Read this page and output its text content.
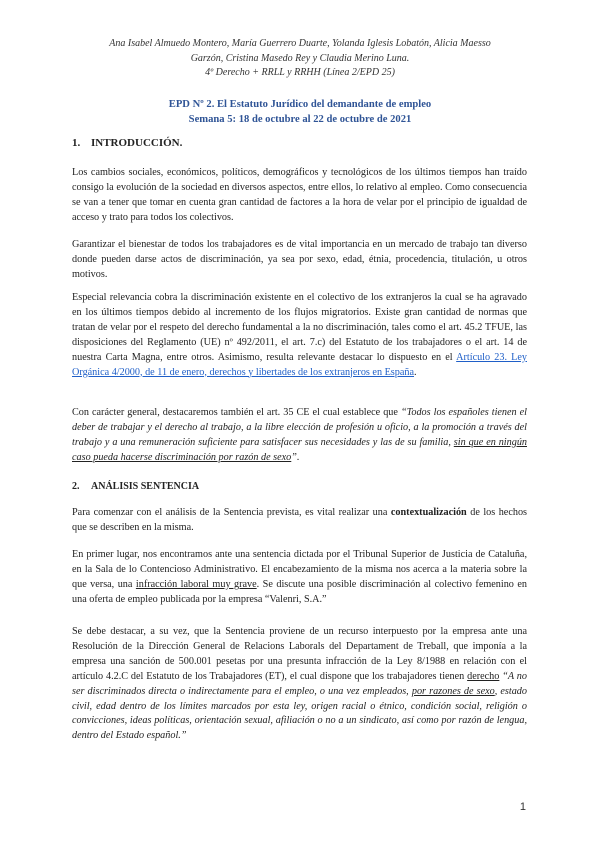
Ana Isabel Almuedo Montero, María Guerrero Duarte, Yolanda Iglesis Lobatón, Alicia Maesso
Garzón, Cristina Masedo Rey y Claudia Merino Luna.
4º Derecho + RRLL y RRHH (Línea 2/EPD 25)
EPD Nº 2. El Estatuto Jurídico del demandante de empleo
Semana 5: 18 de octubre al 22 de octubre de 2021
1. INTRODUCCIÓN.

Los cambios sociales, económicos, políticos, demográficos y tecnológicos de los últimos tiempos han traído consigo la evolución de la sociedad en diversos aspectos, entre ellos, lo relativo al empleo. Como consecuencia se van a tener que tomar en cuenta gran cantidad de factores a la hora de velar por el principio de igualdad de acceso y trato para todos los colectivos.

Garantizar el bienestar de todos los trabajadores es de vital importancia en un mercado de trabajo tan diverso donde pueden darse actos de discriminación, ya sea por sexo, edad, étnia, procedencia, titulación, u otros motivos.

Especial relevancia cobra la discriminación existente en el colectivo de los extranjeros la cual se ha agravado en los últimos tiempos debido al incremento de los flujos migratorios. Existe gran cantidad de normas que tratan de velar por el respeto del derecho fundamental a la no discriminación, tales como el art. 45.2 TFUE, las disposiciones del Reglamento (UE) nº 492/2011, el art. 7.c) del Estatuto de los trabajadores o el art. 14 de nuestra Carta Magna, entre otros. Asimismo, resulta relevante destacar lo dispuesto en el Artículo 23. Ley Orgánica 4/2000, de 11 de enero, derechos y libertades de los extranjeros en España.

Con carácter general, destacaremos también el art. 35 CE el cual establece que “Todos los españoles tienen el deber de trabajar y el derecho al trabajo, a la libre elección de profesión u oficio, a la promoción a través del trabajo y a una remuneración suficiente para satisfacer sus necesidades y las de su familia, sin que en ningún caso pueda hacerse discriminación por razón de sexo”.

2. ANÁLISIS SENTENCIA

Para comenzar con el análisis de la Sentencia prevista, es vital realizar una contextualización de los hechos que se describen en la misma.

En primer lugar, nos encontramos ante una sentencia dictada por el Tribunal Superior de Justicia de Cataluña, en la Sala de lo Contencioso Administrativo. El encabezamiento de la misma nos acerca a la materia sobre la que versa, una infracción laboral muy grave. Se discute una posible discriminación al colectivo femenino en una oferta de empleo publicada por la empresa “Valenri, S.A.”

Se debe destacar, a su vez, que la Sentencia proviene de un recurso interpuesto por la empresa ante una Resolución de la Dirección General de Relacions Laborals del Departament de Treball, que imponía a la empresa una sanción de 500.001 pesetas por una presunta infracción de la Ley 8/1988 en relación con el artículo 4.2.C del Estatuto de los Trabajadores (ET), el cual dispone que los trabajadores tienen derecho “A no ser discriminados directa o indirectamente para el empleo, o una vez empleados, por razones de sexo, estado civil, edad dentro de los límites marcados por esta ley, origen racial o étnico, condición social, religión o convicciones, ideas políticas, orientación sexual, afiliación o no a un sindicato, así como por razón de lengua, dentro del Estado español.”

1
